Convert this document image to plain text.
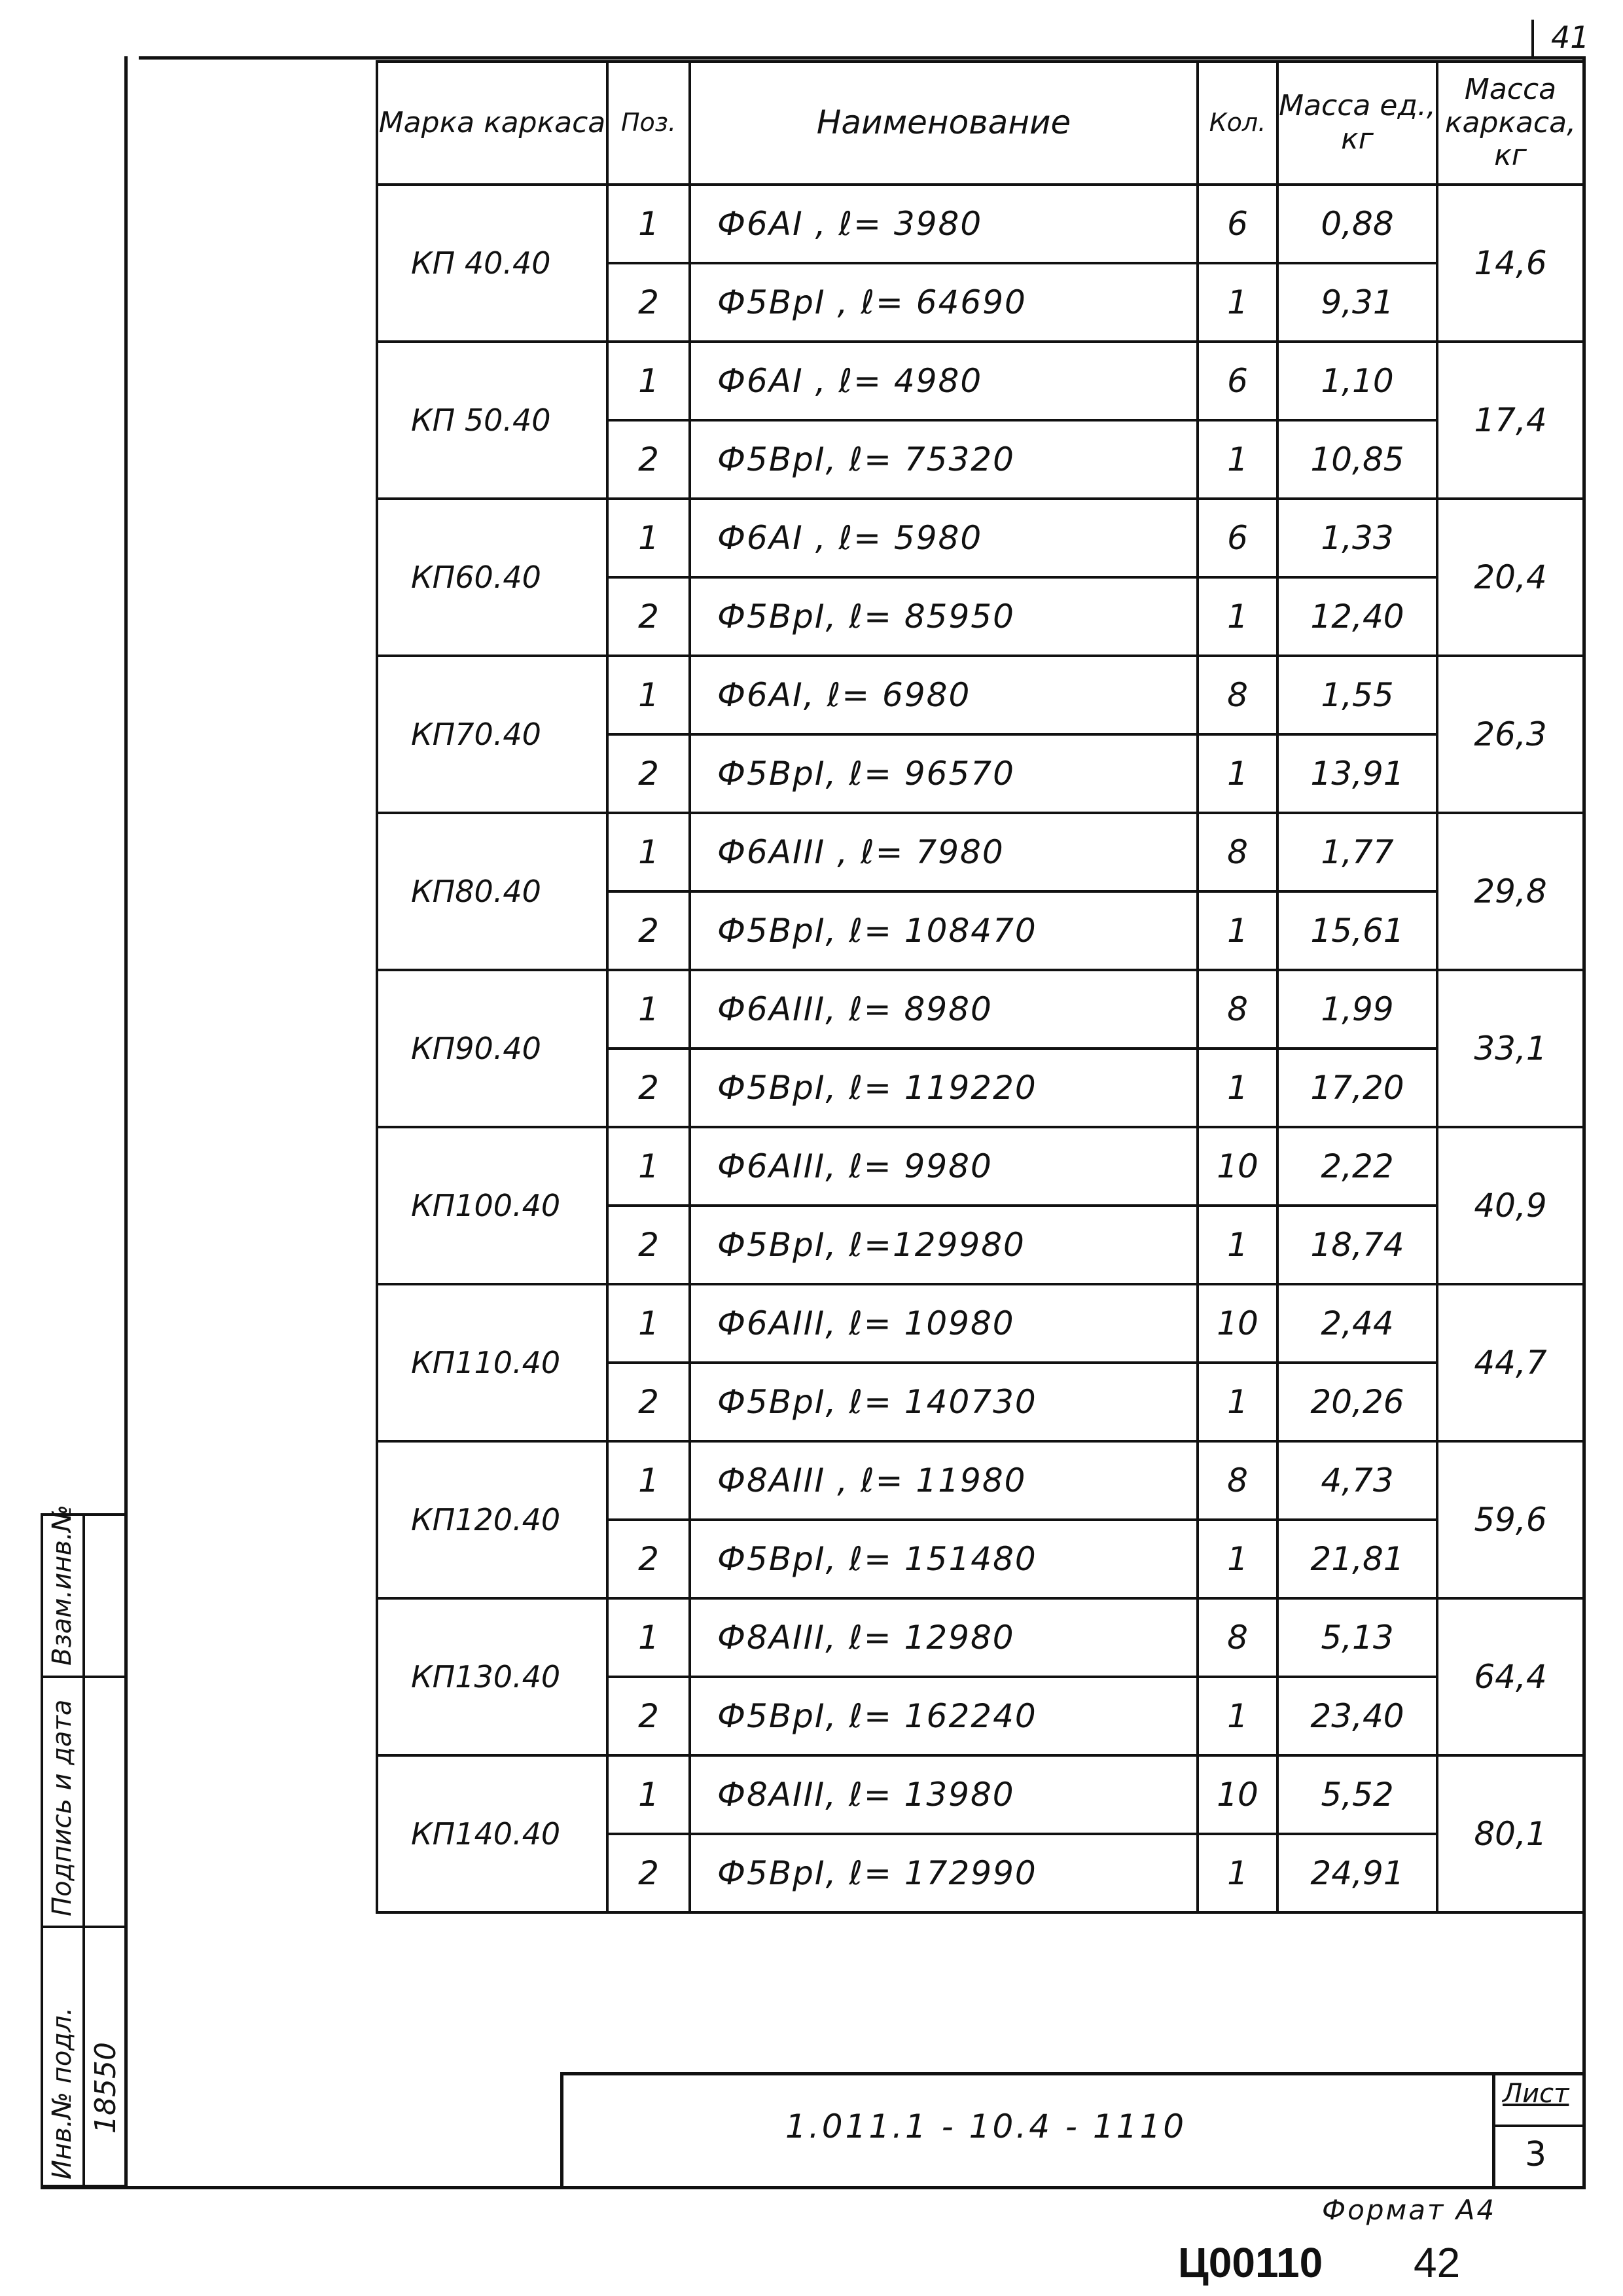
41
Марка каркаса	Поз.	Наименование	Кол.	Масса ед., кг	Масса каркаса, кг
КП 40.40	1	Ф6АI , ℓ= 3980	6	0,88	14,6
	2	Ф5ВрI , ℓ= 64690	1	9,31	
КП 50.40	1	Ф6АI , ℓ= 4980	6	1,10	17,4
	2	Ф5ВрI, ℓ= 75320	1	10,85	
КП60.40	1	Ф6АI , ℓ= 5980	6	1,33	20,4
	2	Ф5ВрI, ℓ= 85950	1	12,40	
КП70.40	1	Ф6АI, ℓ= 6980	8	1,55	26,3
	2	Ф5ВрI, ℓ= 96570	1	13,91	
КП80.40	1	Ф6АIII , ℓ= 7980	8	1,77	29,8
	2	Ф5ВрI, ℓ= 108470	1	15,61	
КП90.40	1	Ф6АIII, ℓ= 8980	8	1,99	33,1
	2	Ф5ВрI, ℓ= 119220	1	17,20	
КП100.40	1	Ф6АIII, ℓ= 9980	10	2,22	40,9
	2	Ф5ВрI, ℓ=129980	1	18,74	
КП110.40	1	Ф6АIII, ℓ= 10980	10	2,44	44,7
	2	Ф5ВрI, ℓ= 140730	1	20,26	
КП120.40	1	Ф8АIII , ℓ= 11980	8	4,73	59,6
	2	Ф5ВрI, ℓ= 151480	1	21,81	
КП130.40	1	Ф8АIII, ℓ= 12980	8	5,13	64,4
	2	Ф5ВрI, ℓ= 162240	1	23,40	
КП140.40	1	Ф8АIII, ℓ= 13980	10	5,52	80,1
	2	Ф5ВрI, ℓ= 172990	1	24,91	
Взам.инв.№
Подпись и дата
Инв.№ подл. 18550	1.011.1 - 10.4 - 1110
Лист
3
Формат А4
Ц00110 42
